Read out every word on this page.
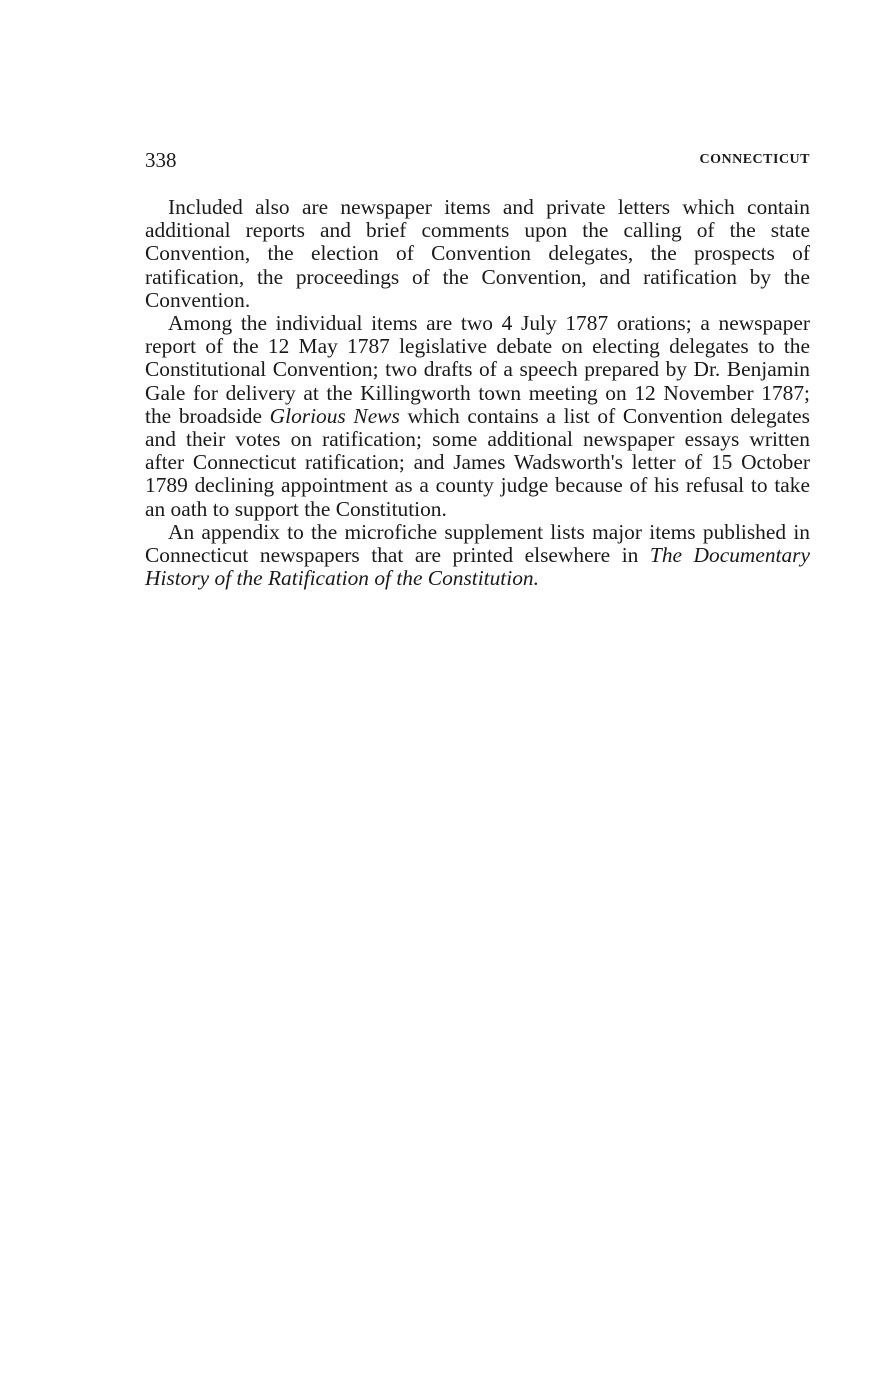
338	CONNECTICUT

Included also are newspaper items and private letters which contain additional reports and brief comments upon the calling of the state Convention, the election of Convention delegates, the prospects of ratification, the proceedings of the Convention, and ratification by the Convention.

Among the individual items are two 4 July 1787 orations; a newspaper report of the 12 May 1787 legislative debate on electing delegates to the Constitutional Convention; two drafts of a speech prepared by Dr. Benjamin Gale for delivery at the Killingworth town meeting on 12 November 1787; the broadside Glorious News which contains a list of Convention delegates and their votes on ratification; some additional newspaper essays written after Connecticut ratification; and James Wadsworth's letter of 15 October 1789 declining appointment as a county judge because of his refusal to take an oath to support the Constitution.

An appendix to the microfiche supplement lists major items published in Connecticut newspapers that are printed elsewhere in The Documentary History of the Ratification of the Constitution.
